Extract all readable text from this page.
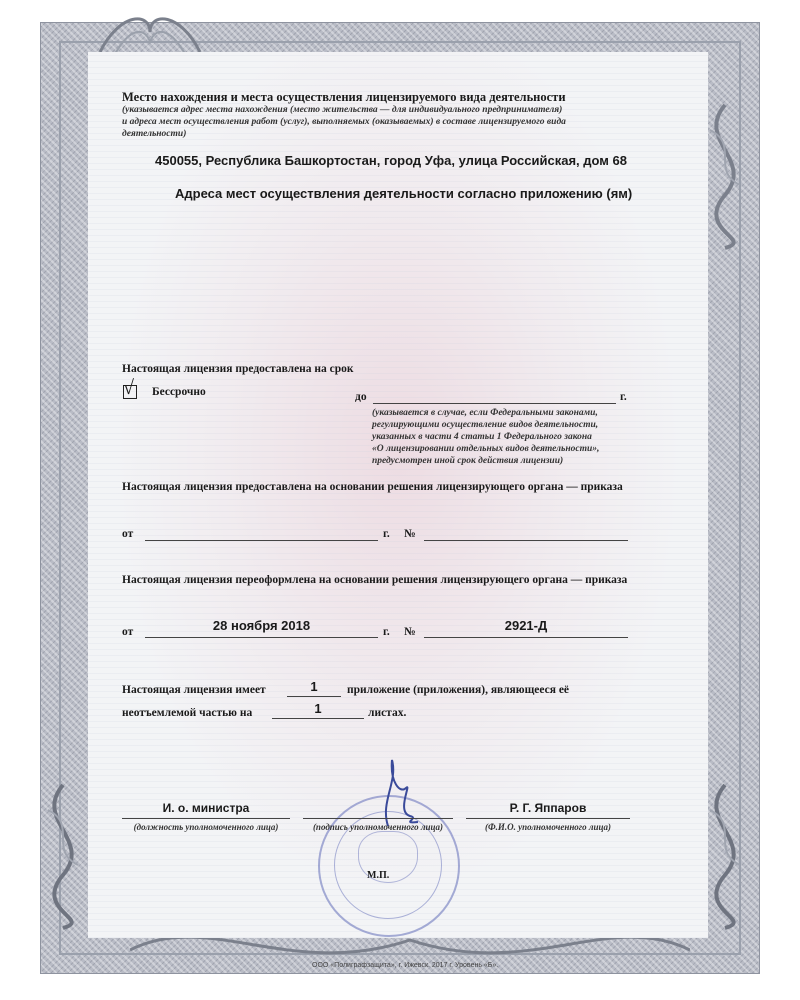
Место нахождения и места осуществления лицензируемого вида деятельности
(указывается адрес места нахождения (место жительства — для индивидуального предпринимателя)
и адреса мест осуществления работ (услуг), выполняемых (оказываемых) в составе лицензируемого вида
деятельности)
450055, Республика Башкортостан, город Уфа, улица Российская, дом 68
Адреса мест осуществления деятельности согласно приложению (ям)
Настоящая лицензия предоставлена на срок
√ Бессрочно	до	г.
(указывается в случае, если Федеральными законами,
регулирующими осуществление видов деятельности,
указанных в части 4 статьи 1 Федерального закона
«О лицензировании отдельных видов деятельности»,
предусмотрен иной срок действия лицензии)
Настоящая лицензия предоставлена на основании решения лицензирующего органа — приказа
от	г. №
Настоящая лицензия переоформлена на основании решения лицензирующего органа — приказа
от	28 ноября 2018	г. №	2921-Д
Настоящая лицензия имеет	1	приложение (приложения), являющееся её
неотъемлемой частью на	1	листах.
И. о. министра
(должность уполномоченного лица)	(подпись уполномоченного лица)
Р. Г. Яппаров
(Ф.И.О. уполномоченного лица)
М.П.
ООО «Полиграфзащита», г. Ижевск. 2017 г. Уровень «Б».
